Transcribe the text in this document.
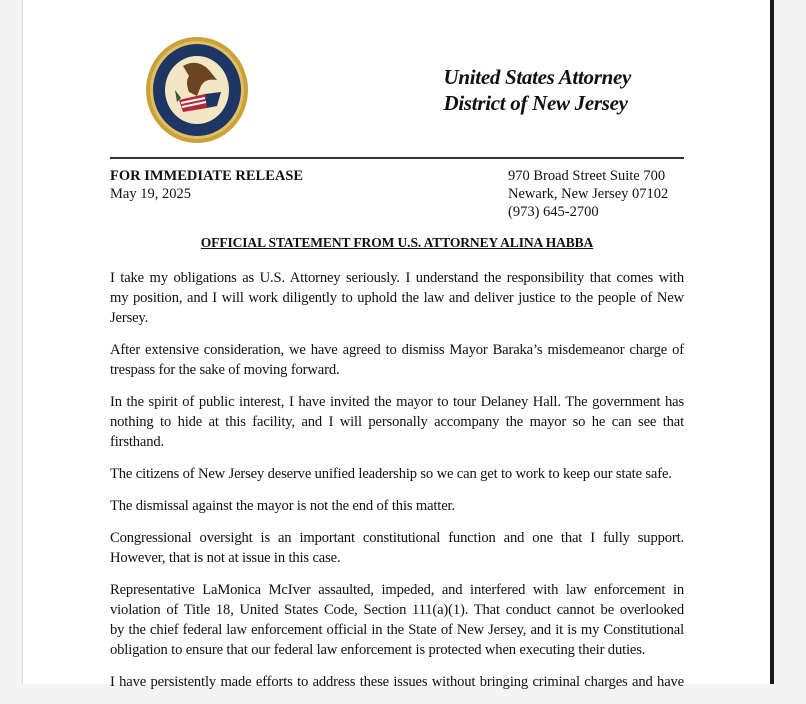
United States Attorney
District of New Jersey
FOR IMMEDIATE RELEASE
May 19, 2025
970 Broad Street Suite 700
Newark, New Jersey 07102
(973) 645-2700
OFFICIAL STATEMENT FROM U.S. ATTORNEY ALINA HABBA
I take my obligations as U.S. Attorney seriously. I understand the responsibility that comes with
my position, and I will work diligently to uphold the law and deliver justice to the people of New
Jersey.
After extensive consideration, we have agreed to dismiss Mayor Baraka’s misdemeanor charge of
trespass for the sake of moving forward.
In the spirit of public interest, I have invited the mayor to tour Delaney Hall. The government has
nothing to hide at this facility, and I will personally accompany the mayor so he can see that
firsthand.
The citizens of New Jersey deserve unified leadership so we can get to work to keep our state safe.
The dismissal against the mayor is not the end of this matter.
Congressional oversight is an important constitutional function and one that I fully support.
However, that is not at issue in this case.
Representative LaMonica McIver assaulted, impeded, and interfered with law enforcement in
violation of Title 18, United States Code, Section 111(a)(1). That conduct cannot be overlooked
by the chief federal law enforcement official in the State of New Jersey, and it is my Constitutional
obligation to ensure that our federal law enforcement is protected when executing their duties.
I have persistently made efforts to address these issues without bringing criminal charges and have
